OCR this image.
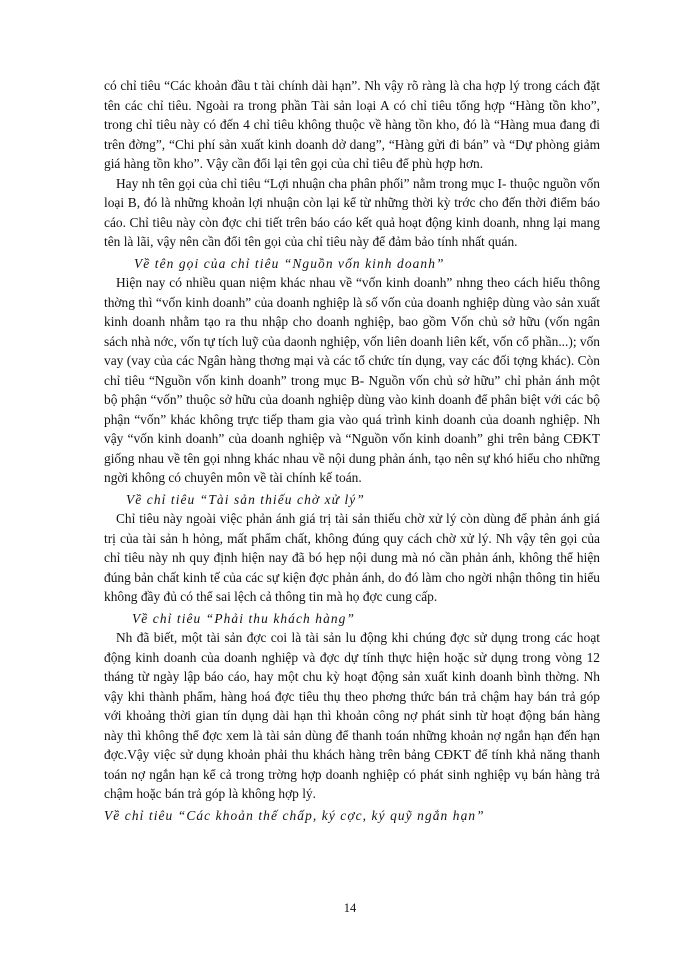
có chỉ tiêu “Các khoản đầu t tài chính dài hạn”. Nh vậy rõ ràng là cha hợp lý trong cách đặt tên các chỉ tiêu. Ngoài ra trong phần Tài sản loại A có chỉ tiêu tổng hợp “Hàng tồn kho”, trong chỉ tiêu này có đến 4 chỉ tiêu không thuộc về hàng tồn kho, đó là “Hàng mua đang đi trên đờng”, “Chi phí sản xuất kinh doanh dở dang”, “Hàng gửi đi bán” và “Dự phòng giảm giá hàng tồn kho”. Vậy cần đổi lại tên gọi của chỉ tiêu để phù hợp hơn.

Hay nh tên gọi của chỉ tiêu “Lợi nhuận cha phân phối” nằm trong mục I- thuộc nguồn vốn loại B, đó là những khoản lợi nhuận còn lại kể từ những thời kỳ trớc cho đến thời điểm báo cáo. Chỉ tiêu này còn đợc chi tiết trên báo cáo kết quả hoạt động kinh doanh, nhng lại mang tên là lãi, vậy nên cần đổi tên gọi của chỉ tiêu này để đảm bảo tính nhất quán.

Về tên gọi của chỉ tiêu “Nguồn vốn kinh doanh”

Hiện nay có nhiều quan niệm khác nhau về “vốn kinh doanh” nhng theo cách hiểu thông thờng thì “vốn kinh doanh” của doanh nghiệp là số vốn của doanh nghiệp dùng vào sản xuất kinh doanh nhằm tạo ra thu nhập cho doanh nghiệp, bao gồm Vốn chủ sở hữu (vốn ngân sách nhà nớc, vốn tự tích luỹ của daonh nghiệp, vốn liên doanh liên kết, vốn cổ phần...); vốn vay (vay của các Ngân hàng thơng mại và các tổ chức tín dụng, vay các đối tợng khác). Còn chỉ tiêu “Nguồn vốn kinh doanh” trong mục B- Nguồn vốn chủ sở hữu” chỉ phản ánh một bộ phận “vốn” thuộc sở hữu của doanh nghiệp dùng vào kinh doanh để phân biệt với các bộ phận “vốn” khác không trực tiếp tham gia vào quá trình kinh doanh của doanh nghiệp. Nh vậy “vốn kinh doanh” của doanh nghiệp và “Nguồn vốn kinh doanh” ghi trên bảng CĐKT giống nhau về tên gọi nhng khác nhau về nội dung phản ánh, tạo nên sự khó hiểu cho những ngời không có chuyên môn về tài chính kế toán.

Về chỉ tiêu “Tài sản thiếu chờ xử lý”

Chỉ tiêu này ngoài việc phản ánh giá trị tài sản thiếu chờ xử lý còn dùng để phản ánh giá trị của tài sản h hỏng, mất phẩm chất, không đúng quy cách chờ xử lý. Nh vậy tên gọi của chỉ tiêu này nh quy định hiện nay đã bó hẹp nội dung mà nó cần phản ánh, không thể hiện đúng bản chất kinh tế của các sự kiện đợc phản ánh, do đó làm cho ngời nhận thông tin hiểu không đầy đủ có thể sai lệch cả thông tin mà họ đợc cung cấp.

Về chỉ tiêu “Phải thu khách hàng”

Nh đã biết, một tài sản đợc coi là tài sản lu động khi chúng đợc sử dụng trong các hoạt động kinh doanh của doanh nghiệp và đợc dự tính thực hiện hoặc sử dụng trong vòng 12 tháng từ ngày lập báo cáo, hay một chu kỳ hoạt động sản xuất kinh doanh bình thờng. Nh vậy khi thành phẩm, hàng hoá đợc tiêu thụ theo phơng thức bán trả chậm hay bán trả góp với khoảng thời gian tín dụng dài hạn thì khoản công nợ phát sinh từ hoạt động bán hàng này thì không thể đợc xem là tài sản dùng để thanh toán những khoản nợ ngắn hạn đến hạn đợc.Vậy việc sử dụng khoản phải thu khách hàng trên bảng CĐKT để tính khả năng thanh toán nợ ngắn hạn kể cả trong trờng hợp doanh nghiệp có phát sinh nghiệp vụ bán hàng trả chậm hoặc bán trả góp là không hợp lý.

Về chỉ tiêu “Các khoản thế chấp, ký cợc, ký quỹ ngắn hạn”

14
